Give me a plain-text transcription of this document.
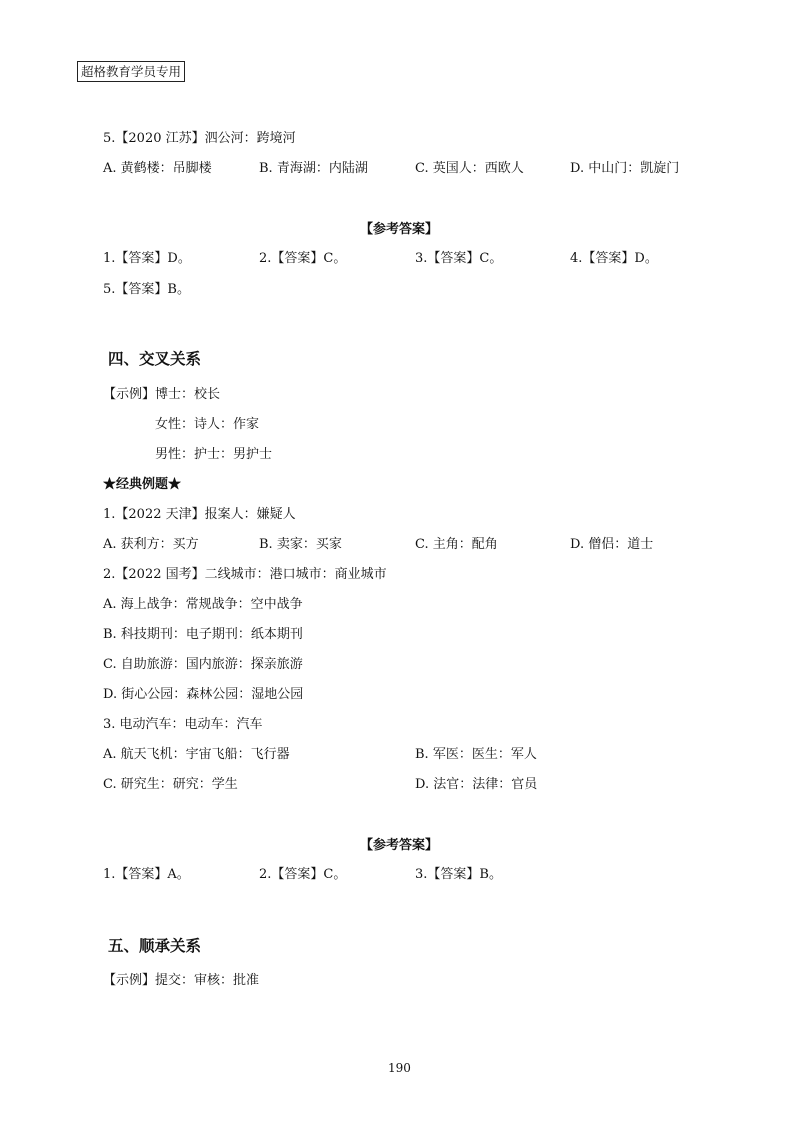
超格教育学员专用
5.【2020 江苏】泗公河：跨境河
A. 黄鹤楼：吊脚楼	B. 青海湖：内陆湖	C. 英国人：西欧人	D. 中山门：凯旋门
【参考答案】
1.【答案】D。	2.【答案】C。	3.【答案】C。	4.【答案】D。
5.【答案】B。
四、交叉关系
【示例】博士：校长
女性：诗人：作家
男性：护士：男护士
★经典例题★
1.【2022 天津】报案人：嫌疑人
A. 获利方：买方	B. 卖家：买家	C. 主角：配角	D. 僧侣：道士
2.【2022 国考】二线城市：港口城市：商业城市
A. 海上战争：常规战争：空中战争
B. 科技期刊：电子期刊：纸本期刊
C. 自助旅游：国内旅游：探亲旅游
D. 街心公园：森林公园：湿地公园
3. 电动汽车：电动车：汽车
A. 航天飞机：宇宙飞船：飞行器	B. 军医：医生：军人
C. 研究生：研究：学生	D. 法官：法律：官员
【参考答案】
1.【答案】A。	2.【答案】C。	3.【答案】B。
五、顺承关系
【示例】提交：审核：批准
190
